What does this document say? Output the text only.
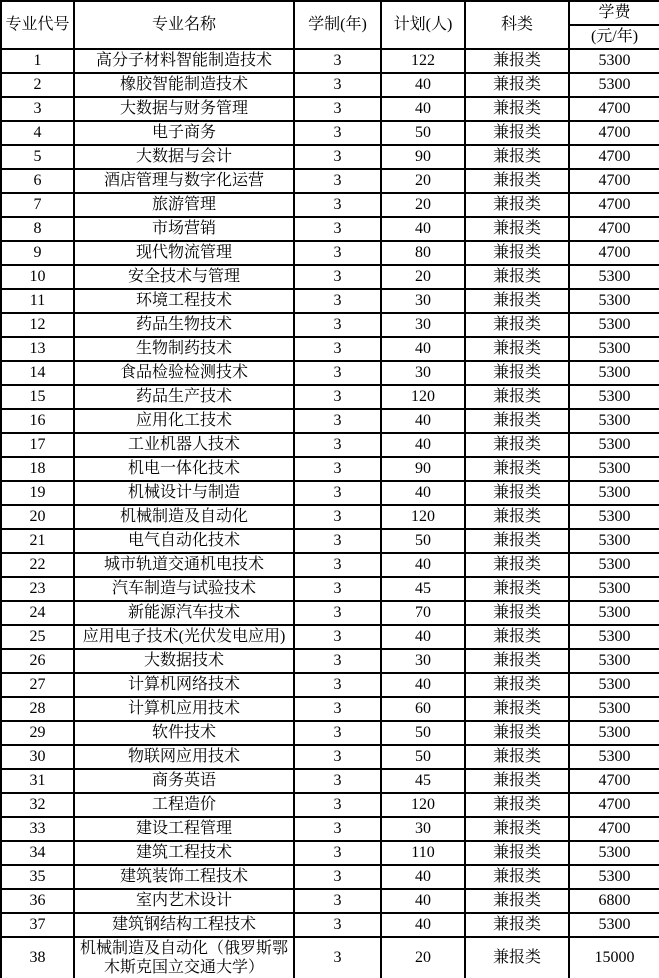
专业代号	专业名称	学制(年)	计划(人)	科类	学费
					(元/年)
1	高分子材料智能制造技术	3	122	兼报类	5300
2	橡胶智能制造技术	3	40	兼报类	5300
3	大数据与财务管理	3	40	兼报类	4700
4	电子商务	3	50	兼报类	4700
5	大数据与会计	3	90	兼报类	4700
6	酒店管理与数字化运营	3	20	兼报类	4700
7	旅游管理	3	20	兼报类	4700
8	市场营销	3	40	兼报类	4700
9	现代物流管理	3	80	兼报类	4700
10	安全技术与管理	3	20	兼报类	5300
11	环境工程技术	3	30	兼报类	5300
12	药品生物技术	3	30	兼报类	5300
13	生物制药技术	3	40	兼报类	5300
14	食品检验检测技术	3	30	兼报类	5300
15	药品生产技术	3	120	兼报类	5300
16	应用化工技术	3	40	兼报类	5300
17	工业机器人技术	3	40	兼报类	5300
18	机电一体化技术	3	90	兼报类	5300
19	机械设计与制造	3	40	兼报类	5300
20	机械制造及自动化	3	120	兼报类	5300
21	电气自动化技术	3	50	兼报类	5300
22	城市轨道交通机电技术	3	40	兼报类	5300
23	汽车制造与试验技术	3	45	兼报类	5300
24	新能源汽车技术	3	70	兼报类	5300
25	应用电子技术(光伏发电应用)	3	40	兼报类	5300
26	大数据技术	3	30	兼报类	5300
27	计算机网络技术	3	40	兼报类	5300
28	计算机应用技术	3	60	兼报类	5300
29	软件技术	3	50	兼报类	5300
30	物联网应用技术	3	50	兼报类	5300
31	商务英语	3	45	兼报类	4700
32	工程造价	3	120	兼报类	4700
33	建设工程管理	3	30	兼报类	4700
34	建筑工程技术	3	110	兼报类	5300
35	建筑装饰工程技术	3	40	兼报类	5300
36	室内艺术设计	3	40	兼报类	6800
37	建筑钢结构工程技术	3	40	兼报类	5300
38	机械制造及自动化（俄罗斯鄂木斯克国立交通大学）	3	20	兼报类	15000
